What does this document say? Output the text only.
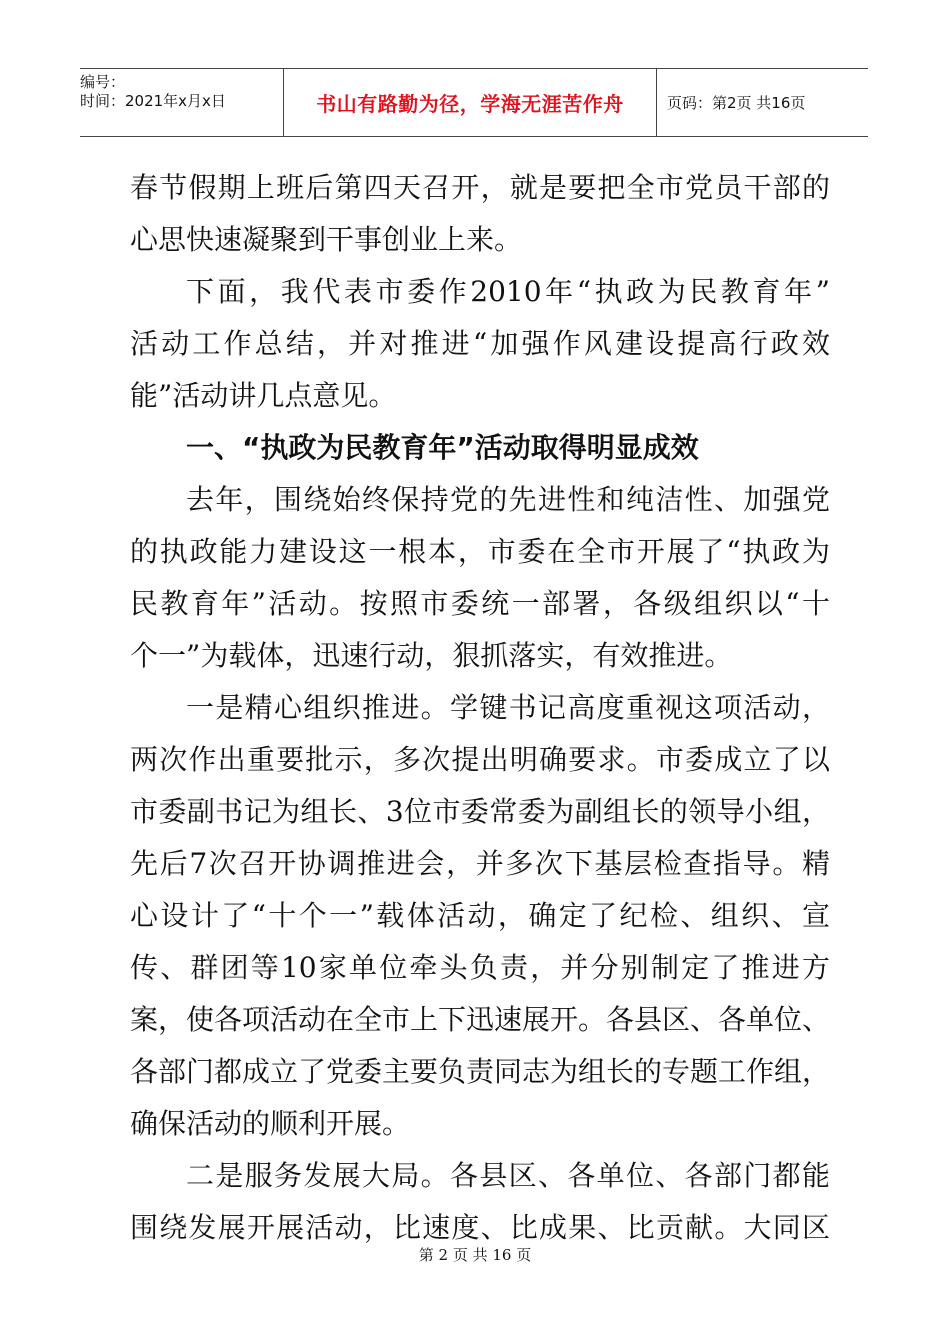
编号：
时间：2021年x月x日	书山有路勤为径，学海无涯苦作舟	页码：第2页 共16页
春节假期上班后第四天召开，就是要把全市党员干部的
心思快速凝聚到干事创业上来。
下面，我代表市委作2010年“执政为民教育年”
活动工作总结，并对推进“加强作风建设提高行政效
能”活动讲几点意见。
一、“执政为民教育年”活动取得明显成效
去年，围绕始终保持党的先进性和纯洁性、加强党
的执政能力建设这一根本，市委在全市开展了“执政为
民教育年”活动。按照市委统一部署，各级组织以“十
个一”为载体，迅速行动，狠抓落实，有效推进。
一是精心组织推进。学键书记高度重视这项活动，
两次作出重要批示，多次提出明确要求。市委成立了以
市委副书记为组长、3位市委常委为副组长的领导小组，
先后7次召开协调推进会，并多次下基层检查指导。精
心设计了“十个一”载体活动，确定了纪检、组织、宣
传、群团等10家单位牵头负责，并分别制定了推进方
案，使各项活动在全市上下迅速展开。各县区、各单位、
各部门都成立了党委主要负责同志为组长的专题工作组，
确保活动的顺利开展。
二是服务发展大局。各县区、各单位、各部门都能
围绕发展开展活动，比速度、比成果、比贡献。大同区
第 2 页 共 16 页
